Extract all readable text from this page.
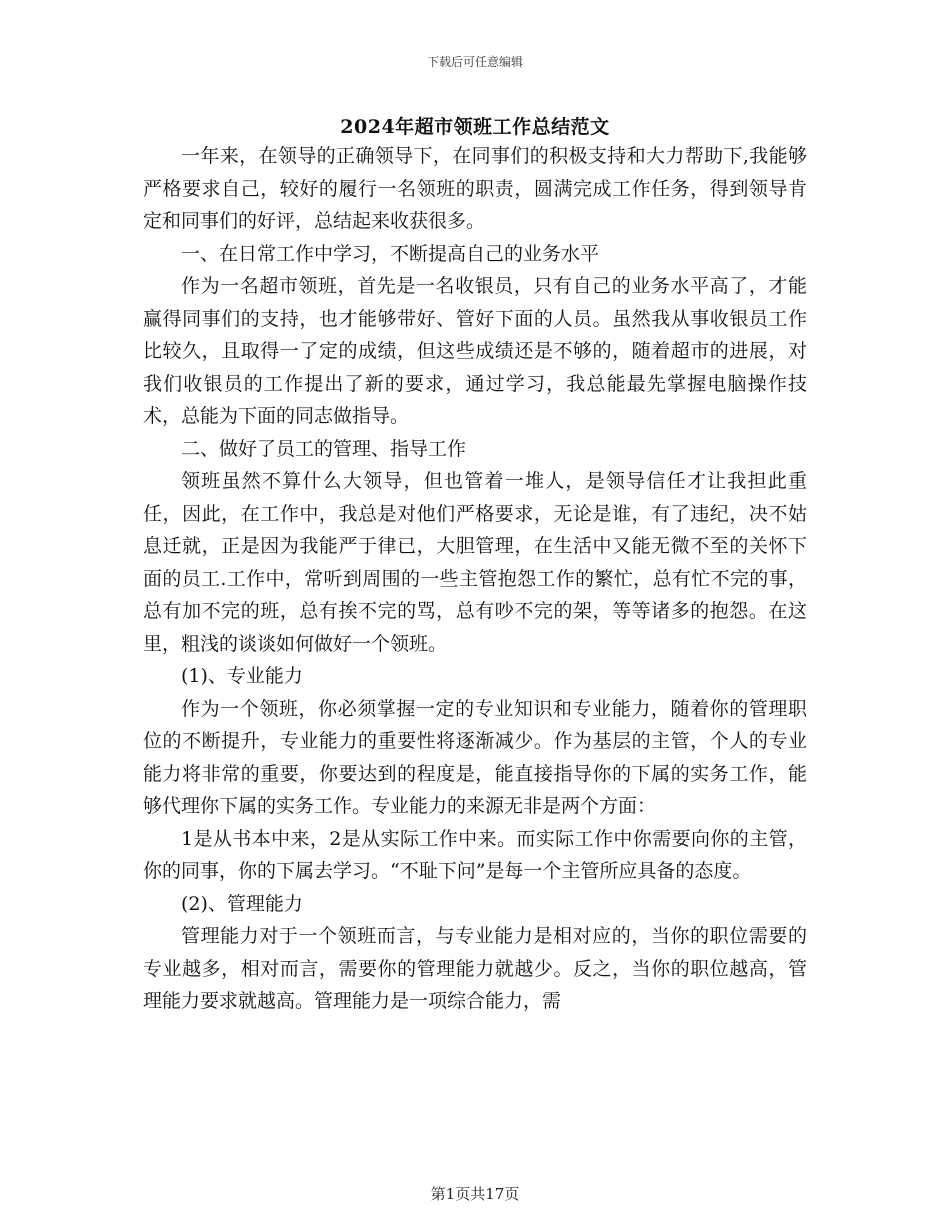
下载后可任意编辑
2024年超市领班工作总结范文

一年来，在领导的正确领导下，在同事们的积极支持和大力帮助下,我能够严格要求自己，较好的履行一名领班的职责，圆满完成工作任务，得到领导肯定和同事们的好评，总结起来收获很多。

一、在日常工作中学习，不断提高自己的业务水平

作为一名超市领班，首先是一名收银员，只有自己的业务水平高了，才能赢得同事们的支持，也才能够带好、管好下面的人员。虽然我从事收银员工作比较久，且取得一了定的成绩，但这些成绩还是不够的，随着超市的进展，对我们收银员的工作提出了新的要求，通过学习，我总能最先掌握电脑操作技术，总能为下面的同志做指导。

二、做好了员工的管理、指导工作

领班虽然不算什么大领导，但也管着一堆人，是领导信任才让我担此重任，因此，在工作中，我总是对他们严格要求，无论是谁，有了违纪，决不姑息迁就，正是因为我能严于律已，大胆管理，在生活中又能无微不至的关怀下面的员工.工作中，常听到周围的一些主管抱怨工作的繁忙，总有忙不完的事，总有加不完的班，总有挨不完的骂，总有吵不完的架，等等诸多的抱怨。在这里，粗浅的谈谈如何做好一个领班。

(1)、专业能力

作为一个领班，你必须掌握一定的专业知识和专业能力，随着你的管理职位的不断提升，专业能力的重要性将逐渐减少。作为基层的主管，个人的专业能力将非常的重要，你要达到的程度是，能直接指导你的下属的实务工作，能够代理你下属的实务工作。专业能力的来源无非是两个方面：

1是从书本中来，2是从实际工作中来。而实际工作中你需要向你的主管，你的同事，你的下属去学习。“不耻下问”是每一个主管所应具备的态度。

(2)、管理能力

管理能力对于一个领班而言，与专业能力是相对应的，当你的职位需要的专业越多，相对而言，需要你的管理能力就越少。反之，当你的职位越高，管理能力要求就越高。管理能力是一项综合能力，需

第1页共17页
